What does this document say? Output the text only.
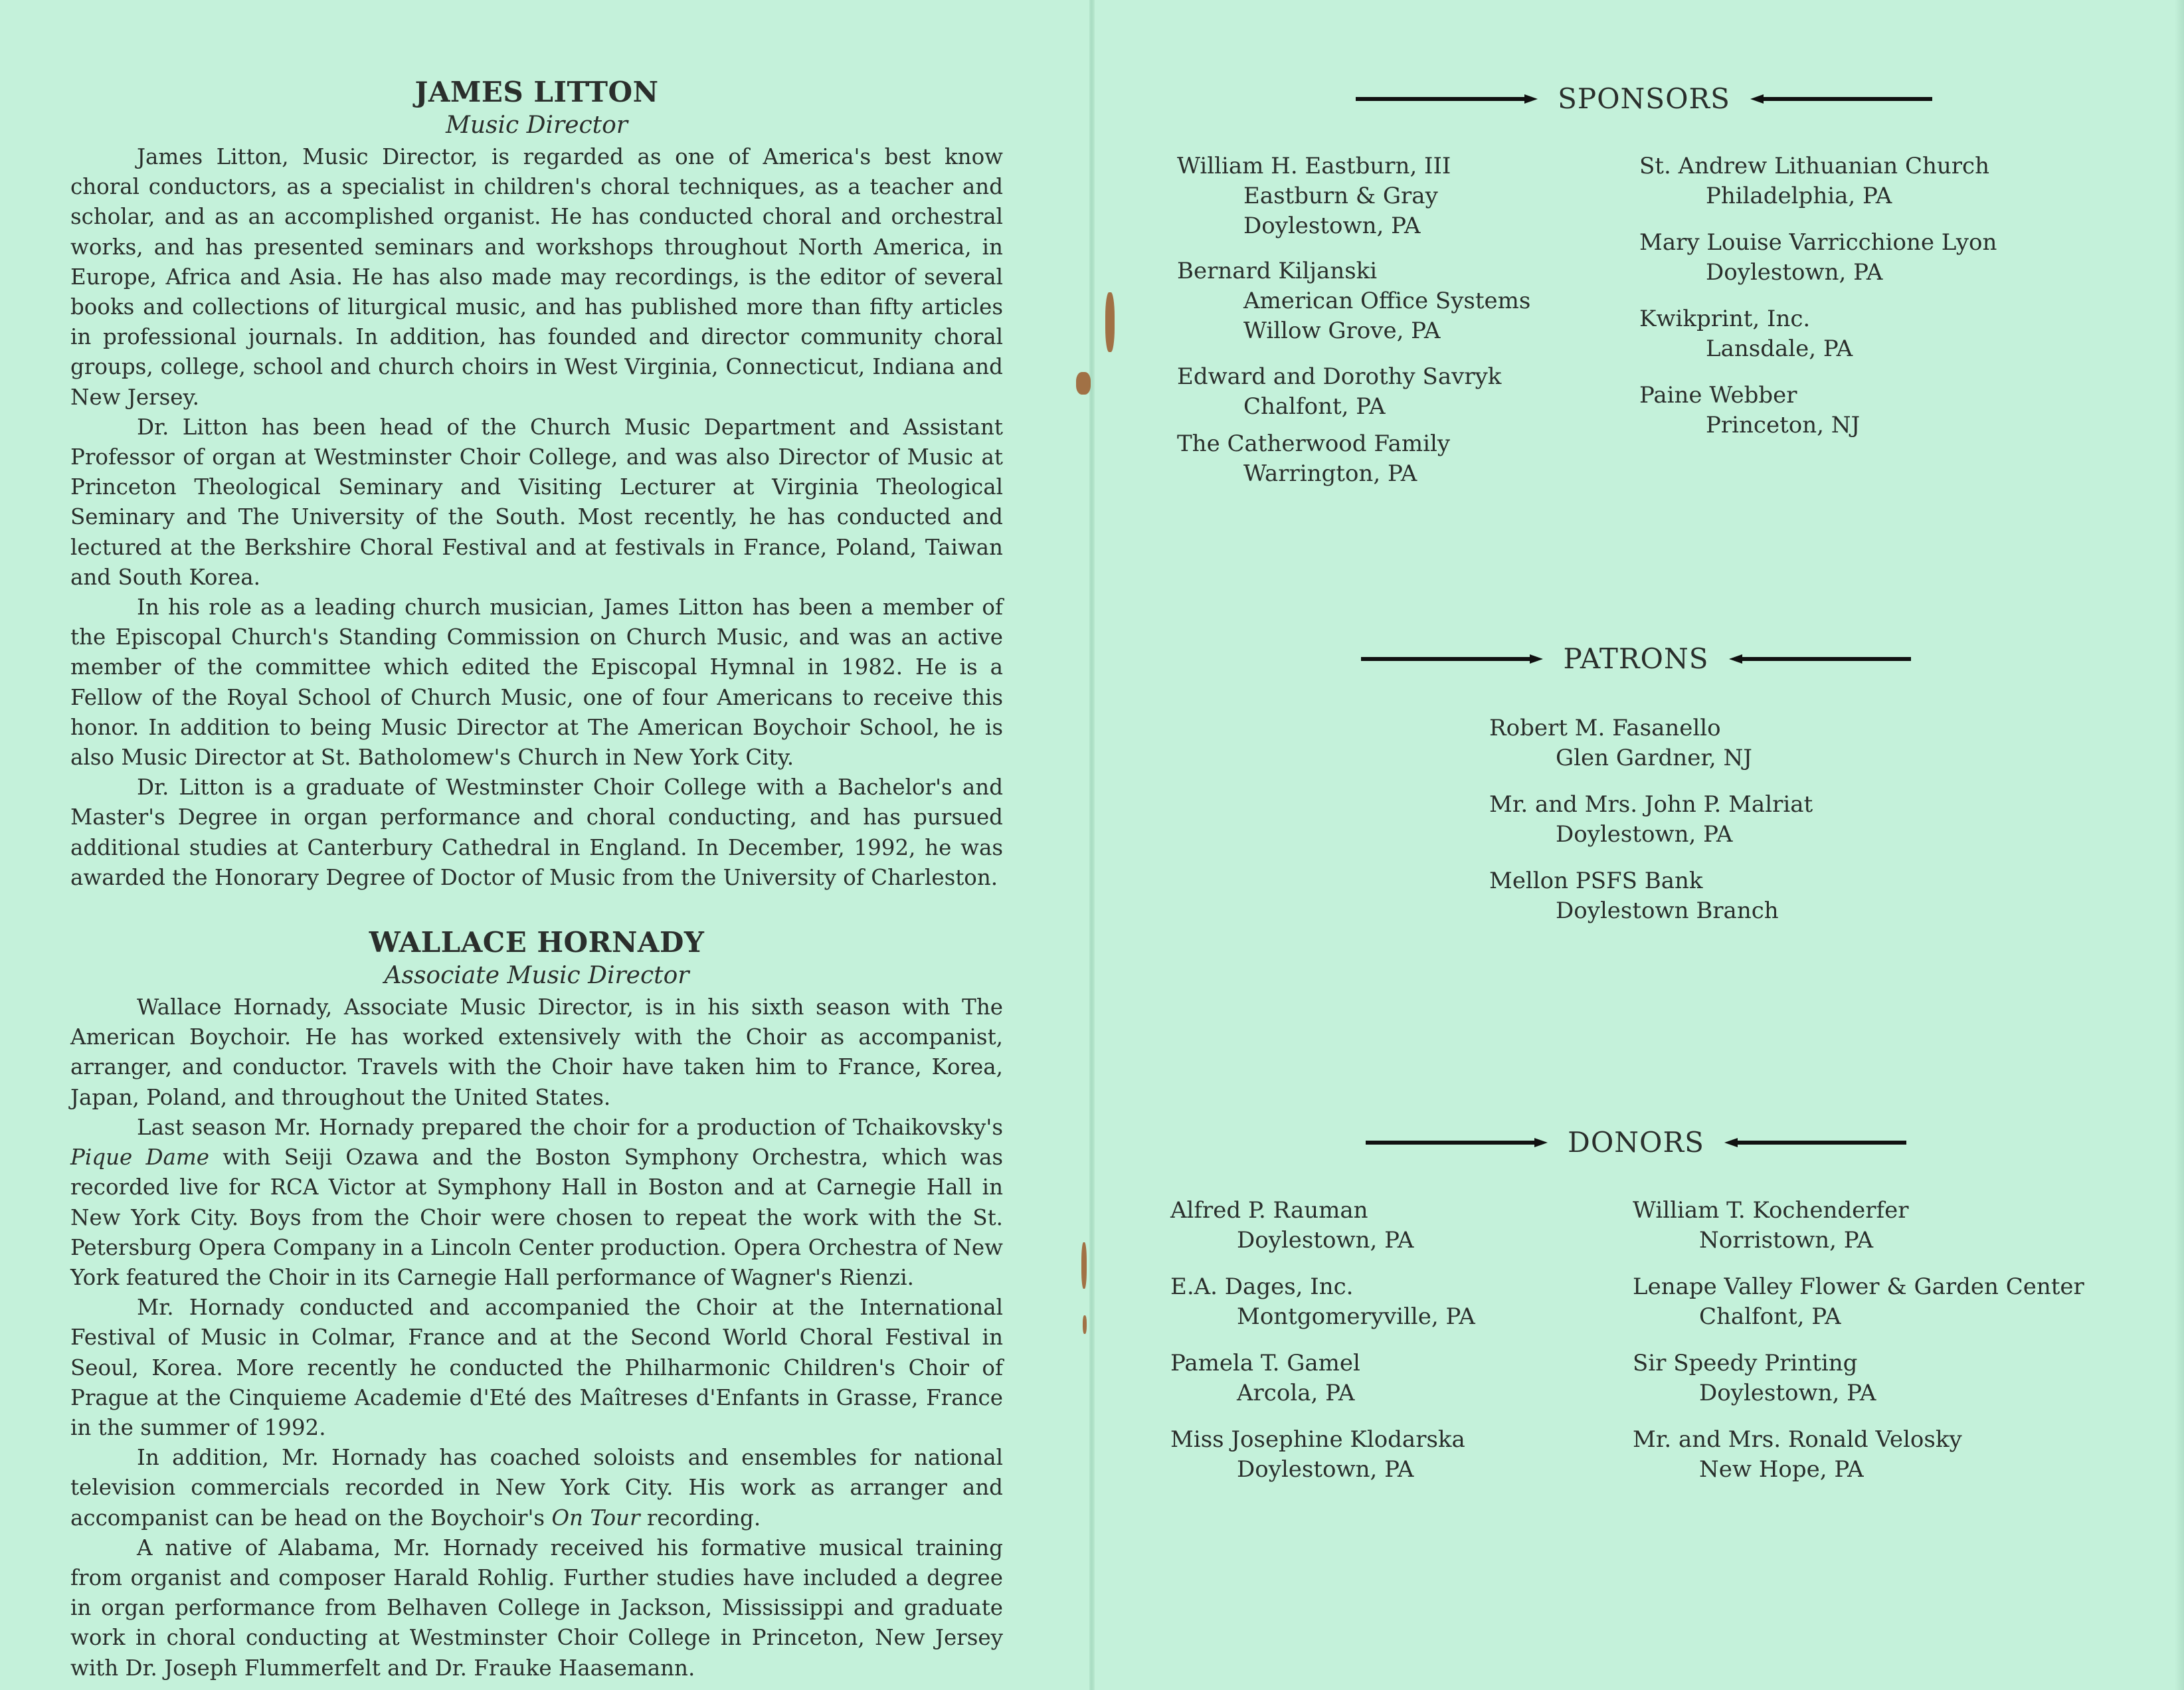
JAMES LITTON
Music Director

James Litton, Music Director, is regarded as one of America's best know choral conductors, as a specialist in children's choral techniques, as a teacher and scholar, and as an accomplished organist. He has conducted choral and orchestral works, and has presented seminars and workshops throughout North America, in Europe, Africa and Asia. He has also made may recordings, is the editor of several books and collections of liturgical music, and has published more than fifty articles in professional journals. In addition, has founded and director community choral groups, college, school and church choirs in West Virginia, Connecticut, Indiana and New Jersey.

Dr. Litton has been head of the Church Music Department and Assistant Professor of organ at Westminster Choir College, and was also Director of Music at Princeton Theological Seminary and Visiting Lecturer at Virginia Theological Seminary and The University of the South. Most recently, he has conducted and lectured at the Berkshire Choral Festival and at festivals in France, Poland, Taiwan and South Korea.

In his role as a leading church musician, James Litton has been a member of the Episcopal Church's Standing Commission on Church Music, and was an active member of the committee which edited the Episcopal Hymnal in 1982. He is a Fellow of the Royal School of Church Music, one of four Americans to receive this honor. In addition to being Music Director at The American Boychoir School, he is also Music Director at St. Batholomew's Church in New York City.

Dr. Litton is a graduate of Westminster Choir College with a Bachelor's and Master's Degree in organ performance and choral conducting, and has pursued additional studies at Canterbury Cathedral in England. In December, 1992, he was awarded the Honorary Degree of Doctor of Music from the University of Charleston.

WALLACE HORNADY
Associate Music Director

Wallace Hornady, Associate Music Director, is in his sixth season with The American Boychoir. He has worked extensively with the Choir as accompanist, arranger, and conductor. Travels with the Choir have taken him to France, Korea, Japan, Poland, and throughout the United States.

Last season Mr. Hornady prepared the choir for a production of Tchaikovsky's Pique Dame with Seiji Ozawa and the Boston Symphony Orchestra, which was recorded live for RCA Victor at Symphony Hall in Boston and at Carnegie Hall in New York City. Boys from the Choir were chosen to repeat the work with the St. Petersburg Opera Company in a Lincoln Center production. Opera Orchestra of New York featured the Choir in its Carnegie Hall performance of Wagner's Rienzi.

Mr. Hornady conducted and accompanied the Choir at the International Festival of Music in Colmar, France and at the Second World Choral Festival in Seoul, Korea. More recently he conducted the Philharmonic Children's Choir of Prague at the Cinquieme Academie d'Eté des Maîtreses d'Enfants in Grasse, France in the summer of 1992.

In addition, Mr. Hornady has coached soloists and ensembles for national television commercials recorded in New York City. His work as arranger and accompanist can be head on the Boychoir's On Tour recording.

A native of Alabama, Mr. Hornady received his formative musical training from organist and composer Harald Rohlig. Further studies have included a degree in organ performance from Belhaven College in Jackson, Mississippi and graduate work in choral conducting at Westminster Choir College in Princeton, New Jersey with Dr. Joseph Flummerfelt and Dr. Frauke Haasemann.

SPONSORS
William H. Eastburn, III
Eastburn & Gray
Doylestown, PA
Bernard Kiljanski
American Office Systems
Willow Grove, PA
Edward and Dorothy Savryk
Chalfont, PA
The Catherwood Family
Warrington, PA
St. Andrew Lithuanian Church
Philadelphia, PA
Mary Louise Varricchione Lyon
Doylestown, PA
Kwikprint, Inc.
Lansdale, PA
Paine Webber
Princeton, NJ
PATRONS
Robert M. Fasanello
Glen Gardner, NJ
Mr. and Mrs. John P. Malriat
Doylestown, PA
Mellon PSFS Bank
Doylestown Branch
DONORS
Alfred P. Rauman
Doylestown, PA
E.A. Dages, Inc.
Montgomeryville, PA
Pamela T. Gamel
Arcola, PA
Miss Josephine Klodarska
Doylestown, PA
William T. Kochenderfer
Norristown, PA
Lenape Valley Flower & Garden Center
Chalfont, PA
Sir Speedy Printing
Doylestown, PA
Mr. and Mrs. Ronald Velosky
New Hope, PA
